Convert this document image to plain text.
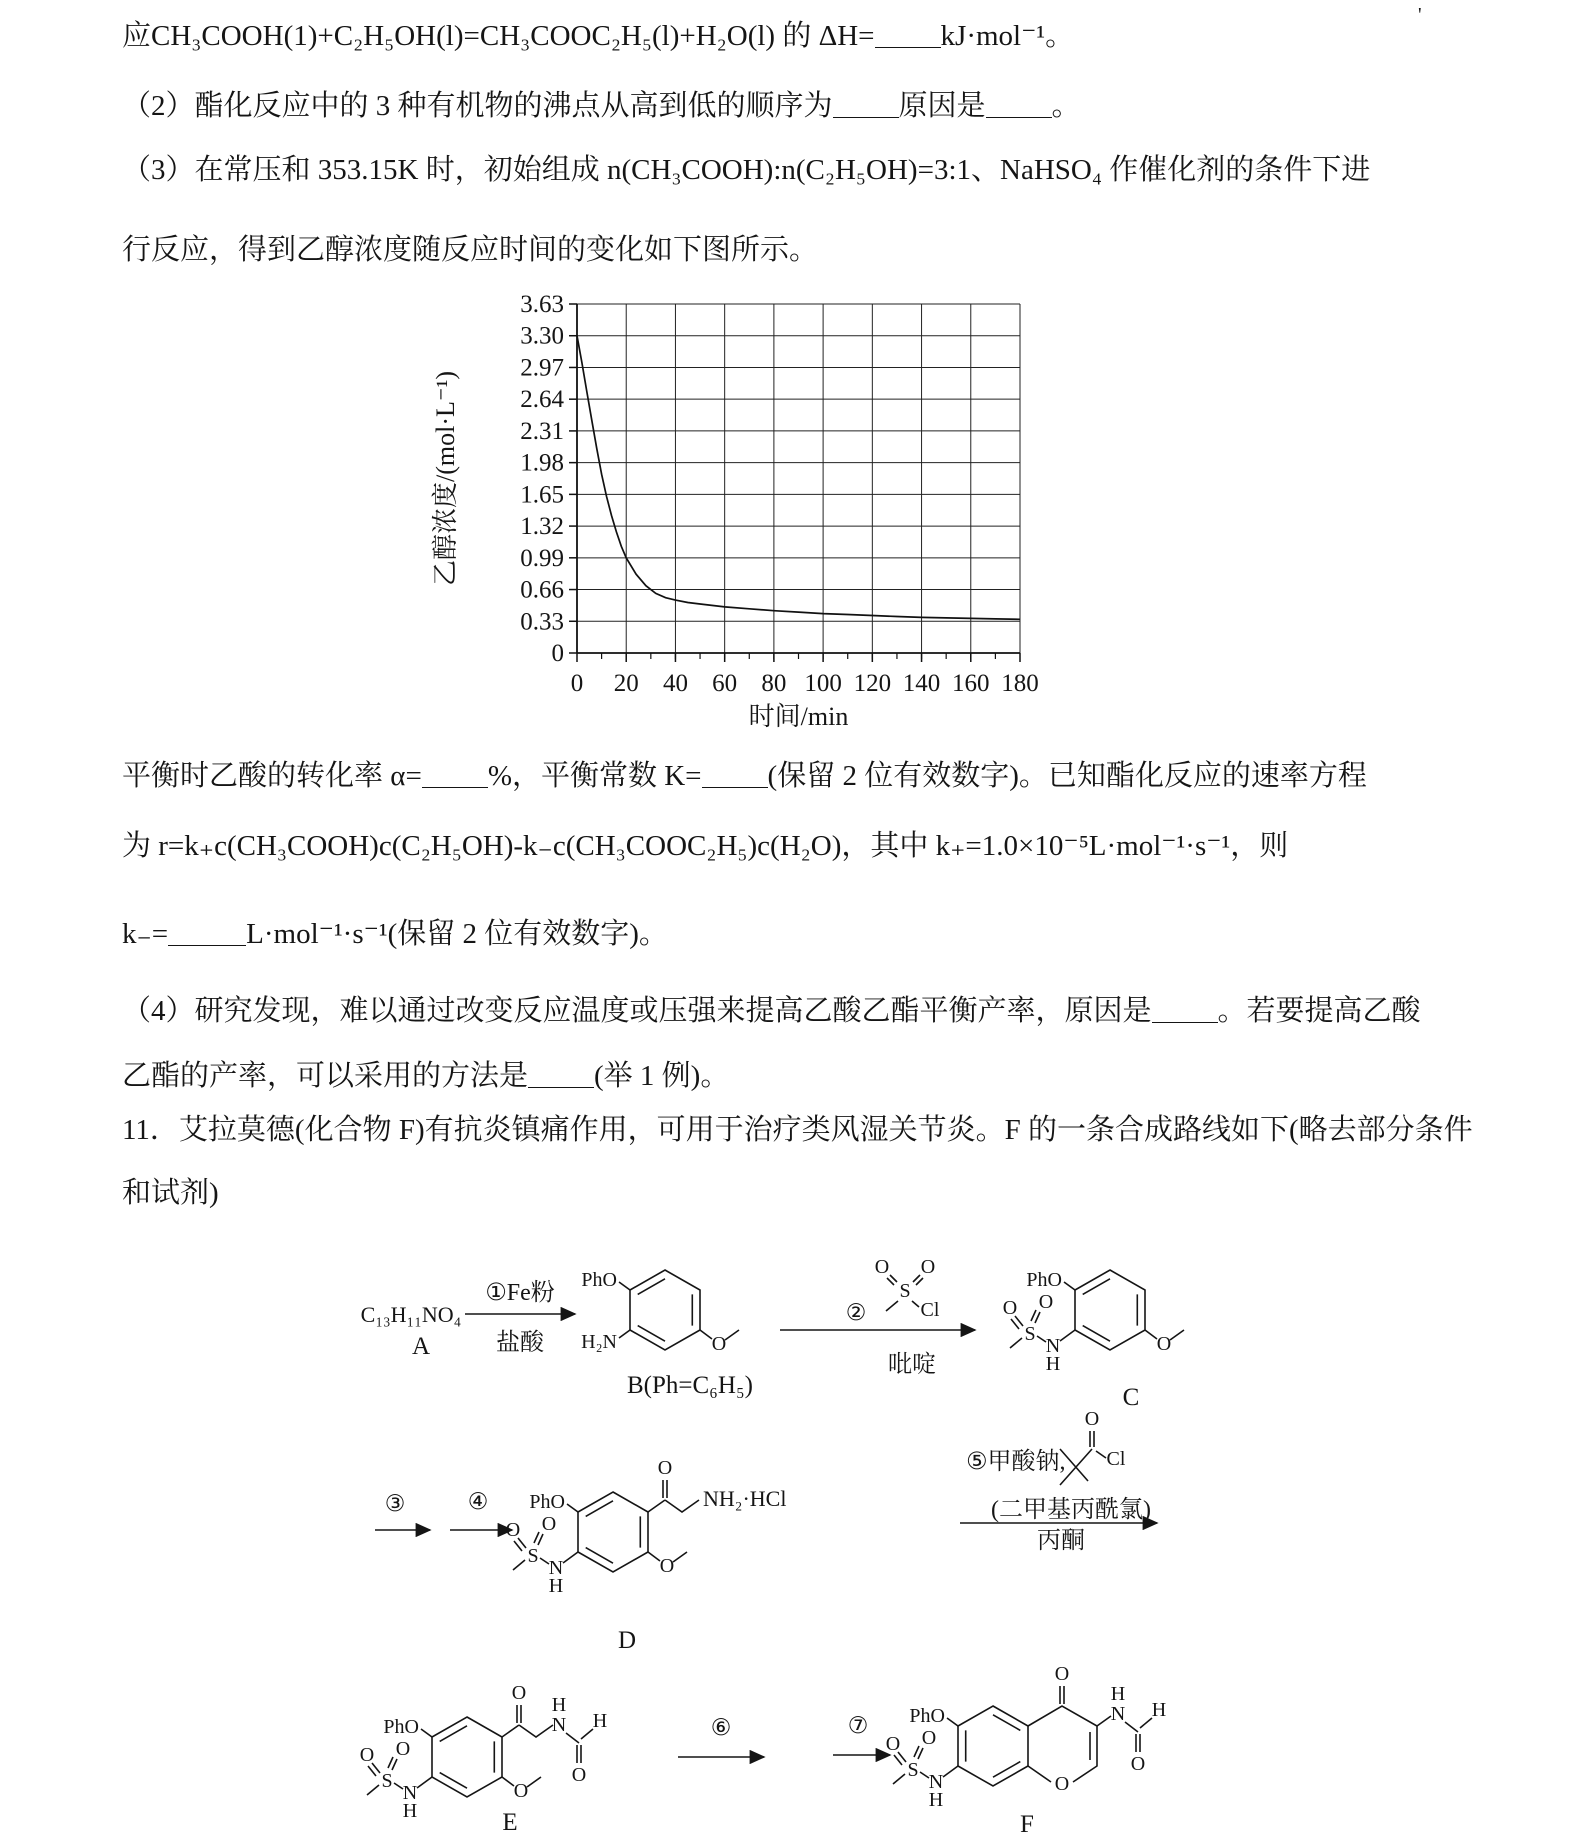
'
应CH₃COOH(1)+C₂H₅OH(l)=CH₃COOC₂H₅(l)+H₂O(l) 的 ΔH= kJ·mol⁻¹。
（2）酯化反应中的 3 种有机物的沸点从高到低的顺序为 原因是 。
（3）在常压和 353.15K 时，初始组成 n(CH₃COOH):n(C₂H₅OH)=3:1、NaHSO₄ 作催化剂的条件下进
行反应，得到乙醇浓度随反应时间的变化如下图所示。
0
0.33
0.66
0.99
1.32
1.65
1.98
2.31
2.64
2.97
3.30
3.63
0 20 40 60 80 100 120 140 160 180
时间/min
乙醇浓度/(mol·L⁻¹)
平衡时乙酸的转化率 α= %，平衡常数 K= (保留 2 位有效数字)。已知酯化反应的速率方程
为 r=k₊c(CH₃COOH)c(C₂H₅OH)-k₋c(CH₃COOC₂H₅)c(H₂O)，其中 k₊=1.0×10⁻⁵L·mol⁻¹·s⁻¹，则
k₋=	L·mol⁻¹·s⁻¹(保留 2 位有效数字)。
（4）研究发现，难以通过改变反应温度或压强来提高乙酸乙酯平衡产率，原因是 。若要提高乙酸
乙酯的产率，可以采用的方法是 (举 1 例)。
11．艾拉莫德(化合物 F)有抗炎镇痛作用，可用于治疗类风湿关节炎。F 的一条合成路线如下(略去部分条件
和试剂)
C₁₃H₁₁NO₄
A
①Fe粉
盐酸
PhO
H₂N	O
B(Ph=C₆H₅)
②
吡啶
S
O O
Cl
PhO
O
N
H
S
O O
C
③	④ PhO
O
NH₂·HCl
O
N
H
S
O O
D
⑤甲酸钠,
(二甲基丙酰氯)
丙酮
O
Cl
PhO
O
N
H
O
H
O
N
H
S
O O
E
⑥	⑦
O
O
PhO	N
H
O
H
N
H
S
O O
F
